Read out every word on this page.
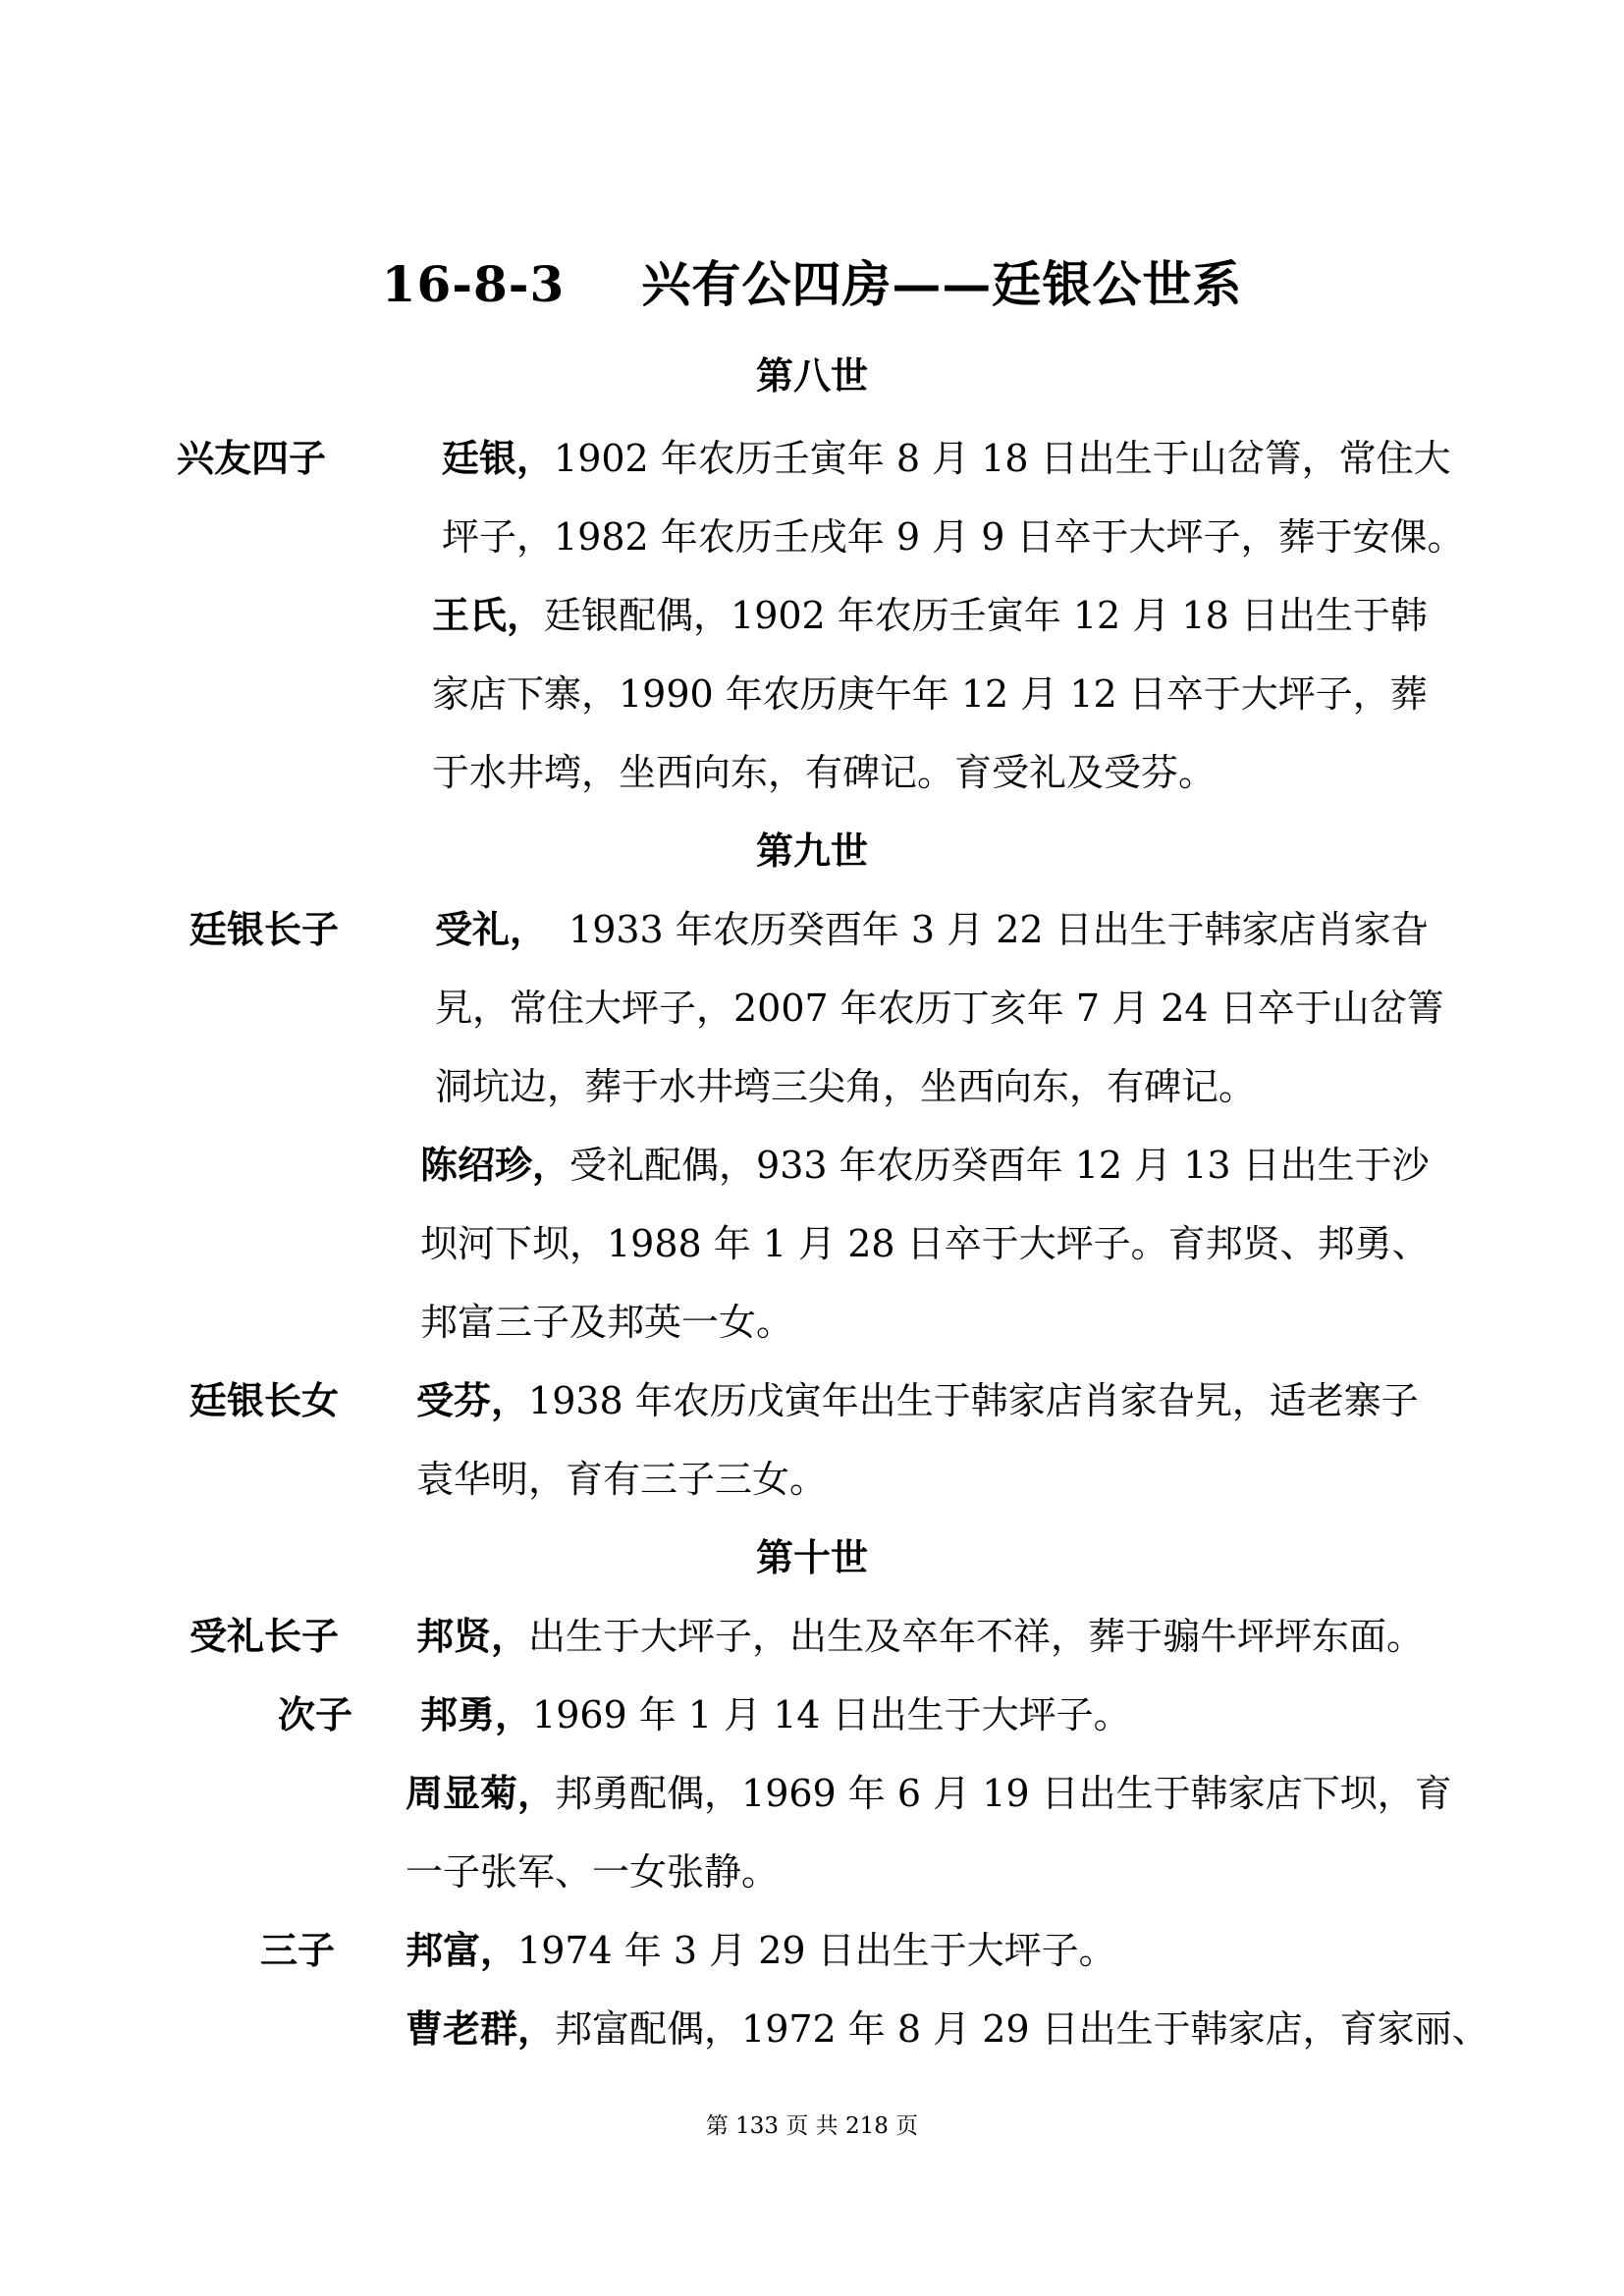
16-8-3 兴有公四房——廷银公世系
第八世
兴友四子	廷银，1902 年农历壬寅年 8 月 18 日出生于山岔箐，常住大
坪子，1982 年农历壬戌年 9 月 9 日卒于大坪子，葬于安倮。
王氏，廷银配偶，1902 年农历壬寅年 12 月 18 日出生于韩
家店下寨，1990 年农历庚午年 12 月 12 日卒于大坪子，葬
于水井塆，坐西向东，有碑记。育受礼及受芬。
第九世
廷银长子	受礼， 1933 年农历癸酉年 3 月 22 日出生于韩家店肖家旮
旯，常住大坪子，2007 年农历丁亥年 7 月 24 日卒于山岔箐
洞坑边，葬于水井塆三尖角，坐西向东，有碑记。
陈绍珍，受礼配偶，933 年农历癸酉年 12 月 13 日出生于沙
坝河下坝，1988 年 1 月 28 日卒于大坪子。育邦贤、邦勇、
邦富三子及邦英一女。
廷银长女 受芬，1938 年农历戊寅年出生于韩家店肖家旮旯，适老寨子
袁华明，育有三子三女。
第十世
受礼长子 邦贤，出生于大坪子，出生及卒年不祥，葬于骟牛坪坪东面。
次子 邦勇，1969 年 1 月 14 日出生于大坪子。
周显菊，邦勇配偶，1969 年 6 月 19 日出生于韩家店下坝，育
一子张军、一女张静。
三子 邦富，1974 年 3 月 29 日出生于大坪子。
曹老群，邦富配偶，1972 年 8 月 29 日出生于韩家店，育家丽、
第 133 页 共 218 页
